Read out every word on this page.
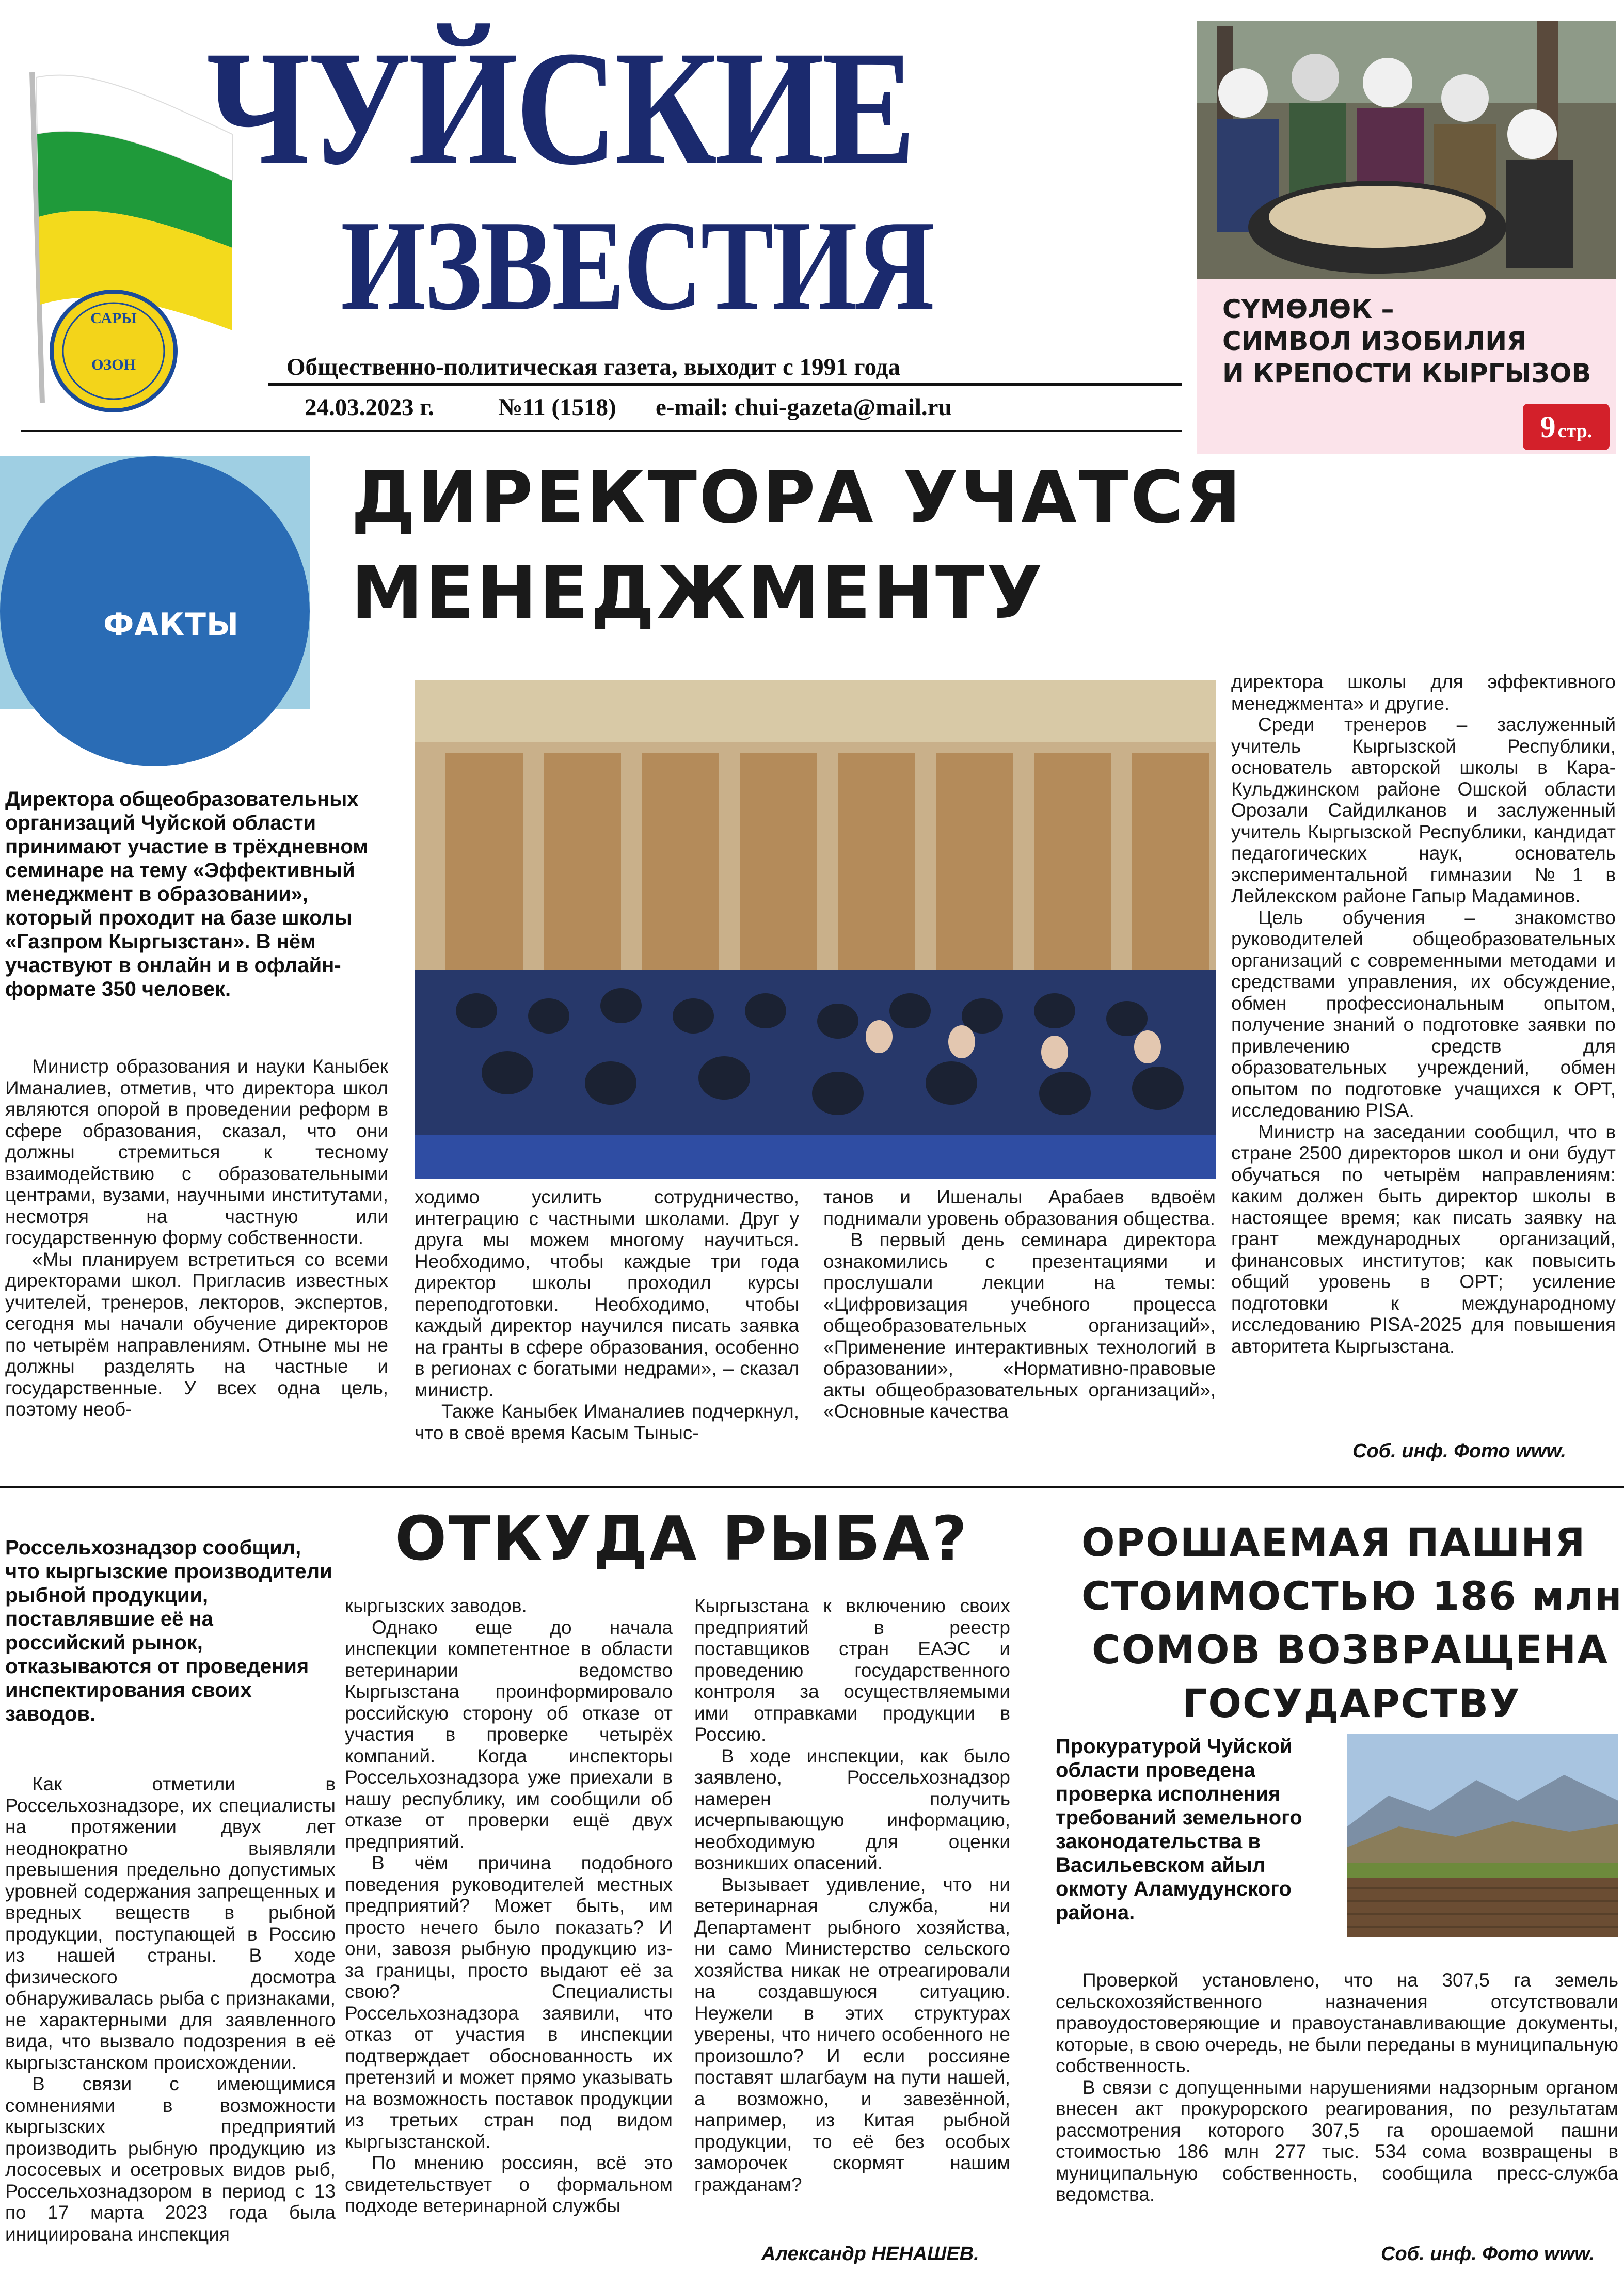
САРЫ
ОЗОН
ЧУЙСКИЕ
ИЗВЕСТИЯ
Общественно-политическая газета, выходит с 1991 года
24.03.2023 г.	№11 (1518) e-mail: chui-gazeta@mail.ru
СҮМӨЛӨК –
СИМВОЛ ИЗОБИЛИЯ
И КРЕПОСТИ КЫРГЫЗОВ
9 стр.
ФАКТЫ
ДИРЕКТОРА УЧАТСЯ
МЕНЕДЖМЕНТУ
Директора общеобразовательных организаций Чуйской области принимают участие в трёхдневном семинаре на тему «Эффективный менеджмент в образовании», который проходит на базе школы «Газпром Кыргызстан». В нём участвуют в онлайн и в офлайн-формате 350 человек.

Министр образования и науки Каныбек Иманалиев, отметив, что директора школ являются опорой в проведении реформ в сфере образования, сказал, что они должны стремиться к тесному взаимодействию с образовательными центрами, вузами, научными институтами, несмотря на частную или государственную форму собственности.

«Мы планируем встретиться со всеми директорами школ. Пригласив известных учителей, тренеров, лекторов, экспертов, сегодня мы начали обучение директоров по четырём направлениям. Отныне мы не должны разделять на частные и государственные. У всех одна цель, поэтому необ-

ходимо усилить сотрудничество, интеграцию с частными школами. Друг у друга мы можем многому научиться. Необходимо, чтобы каждые три года директор школы проходил курсы переподготовки. Необходимо, чтобы каждый директор научился писать заявка на гранты в сфере образования, особенно в регионах с богатыми недрами», – сказал министр.

Также Каныбек Иманалиев подчеркнул, что в своё время Касым Тыныс-

танов и Ишеналы Арабаев вдвоём поднимали уровень образования общества.

В первый день семинара директора ознакомились с презентациями и прослушали лекции на темы: «Цифровизация учебного процесса общеобразовательных организаций», «Применение интерактивных технологий в образовании», «Нормативно-правовые акты общеобразовательных организаций», «Основные качества

директора школы для эффективного менеджмента» и другие.

Среди тренеров – заслуженный учитель Кыргызской Республики, основатель авторской школы в Кара-Кульджинском районе Ошской области Орозали Сайдилканов и заслуженный учитель Кыргызской Республики, кандидат педагогических наук, основатель экспериментальной гимназии №1 в Лейлекском районе Гапыр Мадаминов.

Цель обучения – знакомство руководителей общеобразовательных организаций с современными методами и средствами управления, их обсуждение, обмен профессиональным опытом, получение знаний о подготовке заявки по привлечению средств для образовательных учреждений, обмен опытом по подготовке учащихся к ОРТ, исследованию PISA.

Министр на заседании сообщил, что в стране 2500 директоров школ и они будут обучаться по четырём направлениям: каким должен быть директор школы в настоящее время; как писать заявку на грант международных организаций, финансовых институтов; как повысить общий уровень в ОРТ; усиление подготовки к международному исследованию PISA-2025 для повышения авторитета Кыргызстана.

Соб. инф. Фото www.
ОТКУДА РЫБА?
Россельхознадзор сообщил, что кыргызские производители рыбной продукции, поставлявшие её на российский рынок, отказываются от проведения инспектирования своих заводов.

Как отметили в Россельхознадзоре, их специалисты на протяжении двух лет неоднократно выявляли превышения предельно допустимых уровней содержания запрещенных и вредных веществ в рыбной продукции, поступающей в Россию из нашей страны. В ходе физического досмотра обнаруживалась рыба с признаками, не характерными для заявленного вида, что вызвало подозрения в её кыргызстанском происхождении.

В связи с имеющимися сомнениями в возможности кыргызских предприятий производить рыбную продукцию из лососевых и осетровых видов рыб, Россельхознадзором в период с 13 по 17 марта 2023 года была инициирована инспекция

кыргызских заводов.

Однако еще до начала инспекции компетентное в области ветеринарии ведомство Кыргызстана проинформировало российскую сторону об отказе от участия в проверке четырёх компаний. Когда инспекторы Россельхознадзора уже приехали в нашу республику, им сообщили об отказе от проверки ещё двух предприятий.

В чём причина подобного поведения руководителей местных предприятий? Может быть, им просто нечего было показать? И они, завозя рыбную продукцию из-за границы, просто выдают её за свою? Специалисты Россельхознадзора заявили, что отказ от участия в инспекции подтверждает обоснованность их претензий и может прямо указывать на возможность поставок продукции из третьих стран под видом кыргызстанской.

По мнению россиян, всё это свидетельствует о формальном подходе ветеринарной службы

Кыргызстана к включению своих предприятий в реестр поставщиков стран ЕАЭС и проведению государственного контроля за осуществляемыми ими отправками продукции в Россию.

В ходе инспекции, как было заявлено, Россельхознадзор намерен получить исчерпывающую информацию, необходимую для оценки возникших опасений.

Вызывает удивление, что ни ветеринарная служба, ни Департамент рыбного хозяйства, ни само Министерство сельского хозяйства никак не отреагировали на создавшуюся ситуацию. Неужели в этих структурах уверены, что ничего особенного не произошло? И если россияне поставят шлагбаум на пути нашей, а возможно, и завезённой, например, из Китая рыбной продукции, то её без особых заморочек скормят нашим гражданам?

Александр НЕНАШЕВ.
ОРОШАЕМАЯ ПАШНЯ
СТОИМОСТЬЮ 186 млн
СОМОВ ВОЗВРАЩЕНА
ГОСУДАРСТВУ
Прокуратурой Чуйской области проведена проверка исполнения требований земельного законодательства в Васильевском айыл окмоту Аламудунского района.

Проверкой установлено, что на 307,5 га земель сельскохозяйственного назначения отсутствовали правоудостоверяющие и правоустанавливающие документы, которые, в свою очередь, не были переданы в муниципальную собственность.

В связи с допущенными нарушениями надзорным органом внесен акт прокурорского реагирования, по результатам рассмотрения которого 307,5 га орошаемой пашни стоимостью 186 млн 277 тыс. 534 сома возвращены в муниципальную собственность, сообщила пресс-служба ведомства.

Соб. инф. Фото www.
